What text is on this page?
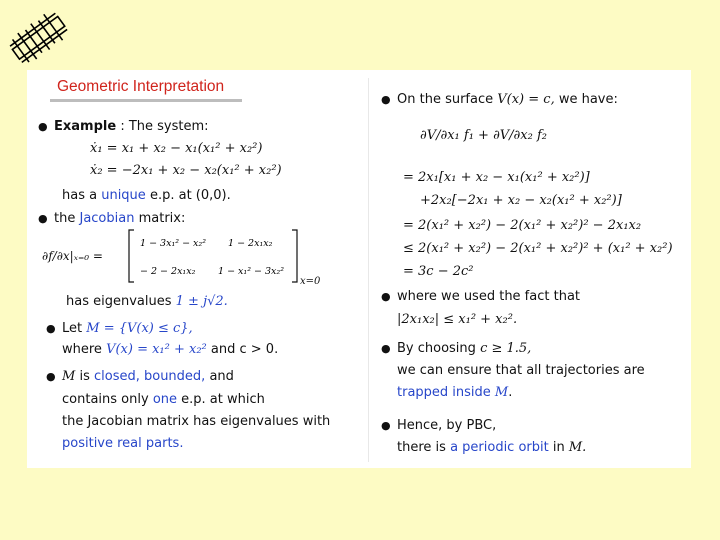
Geometric Interpretation
● Example : The system:
ẋ₁ = x₁ + x₂ − x₁(x₁² + x₂²)
ẋ₂ = −2x₁ + x₂ − x₂(x₁² + x₂²)
has a unique e.p. at (0,0).
● the Jacobian matrix:
∂f/∂x|ₓ₌₀ =
1 − 3x₁² − x₂² 1 − 2x₁x₂
− 2 − 2x₁x₂ 1 − x₁² − 3x₂²
x=0
has eigenvalues 1 ± j√2.
● Let M = {V(x) ≤ c},
where V(x) = x₁² + x₂² and c > 0.
● M is closed, bounded, and
contains only one e.p. at which
the Jacobian matrix has eigenvalues with
positive real parts.
● On the surface V(x) = c, we have:
∂V/∂x₁ f₁ + ∂V/∂x₂ f₂
= 2x₁[x₁ + x₂ − x₁(x₁² + x₂²)]
+2x₂[−2x₁ + x₂ − x₂(x₁² + x₂²)]
= 2(x₁² + x₂²) − 2(x₁² + x₂²)² − 2x₁x₂
≤ 2(x₁² + x₂²) − 2(x₁² + x₂²)² + (x₁² + x₂²)
= 3c − 2c²
● where we used the fact that
|2x₁x₂| ≤ x₁² + x₂².
● By choosing c ≥ 1.5,
we can ensure that all trajectories are
trapped inside M.
● Hence, by PBC,
there is a periodic orbit in M.
